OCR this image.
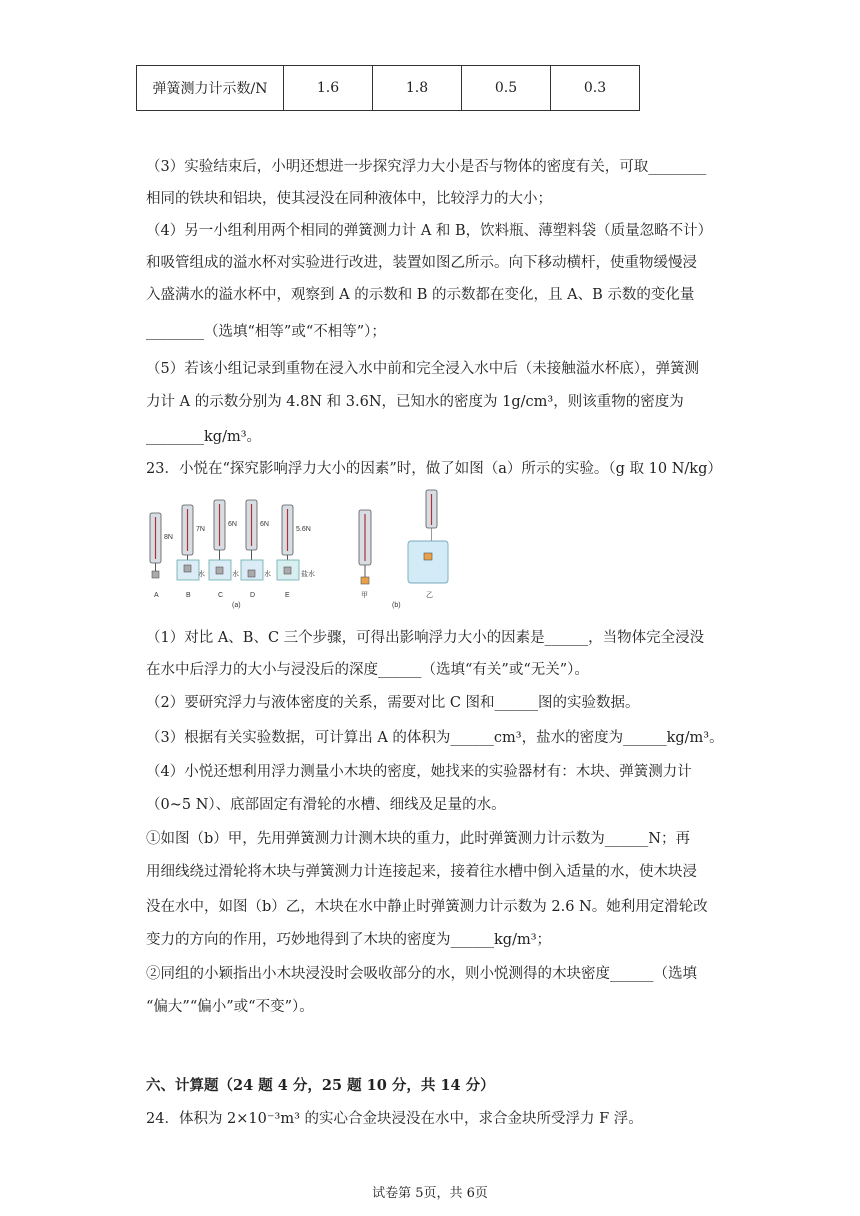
弹簧测力计示数/N	1.6	1.8	0.5	0.3
（3）实验结束后，小明还想进一步探究浮力大小是否与物体的密度有关，可取________
相同的铁块和铝块，使其浸没在同种液体中，比较浮力的大小；
（4）另一小组利用两个相同的弹簧测力计 A 和 B，饮料瓶、薄塑料袋（质量忽略不计）
和吸管组成的溢水杯对实验进行改进，装置如图乙所示。向下移动横杆，使重物缓慢浸
入盛满水的溢水杯中，观察到 A 的示数和 B 的示数都在变化，且 A、B 示数的变化量
________（选填“相等”或“不相等”）；
（5）若该小组记录到重物在浸入水中前和完全浸入水中后（未接触溢水杯底），弹簧测
力计 A 的示数分别为 4.8N 和 3.6N，已知水的密度为 1g/cm³，则该重物的密度为
________kg/m³。
23．小悦在“探究影响浮力大小的因素”时，做了如图（a）所示的实验。（g 取 10 N/kg）
8N
7N
6N
水
6N
水
5.6N
水	盐水
A	B	C	D	E
(a)
甲	乙
(b)
（1）对比 A、B、C 三个步骤，可得出影响浮力大小的因素是______，当物体完全浸没
在水中后浮力的大小与浸没后的深度______（选填“有关”或“无关”）。
（2）要研究浮力与液体密度的关系，需要对比 C 图和______图的实验数据。
（3）根据有关实验数据，可计算出 A 的体积为______cm³，盐水的密度为______kg/m³。
（4）小悦还想利用浮力测量小木块的密度，她找来的实验器材有：木块、弹簧测力计
（0~5 N）、底部固定有滑轮的水槽、细线及足量的水。
①如图（b）甲，先用弹簧测力计测木块的重力，此时弹簧测力计示数为______N；再
用细线绕过滑轮将木块与弹簧测力计连接起来，接着往水槽中倒入适量的水，使木块浸
没在水中，如图（b）乙，木块在水中静止时弹簧测力计示数为 2.6 N。她利用定滑轮改
变力的方向的作用，巧妙地得到了木块的密度为______kg/m³；
②同组的小颖指出小木块浸没时会吸收部分的水，则小悦测得的木块密度______（选填
“偏大”“偏小”或“不变”）。
六、计算题（24 题 4 分，25 题 10 分，共 14 分）
24．体积为 2×10⁻³m³ 的实心合金块浸没在水中，求合金块所受浮力 F 浮。
试卷第 5页，共 6页
